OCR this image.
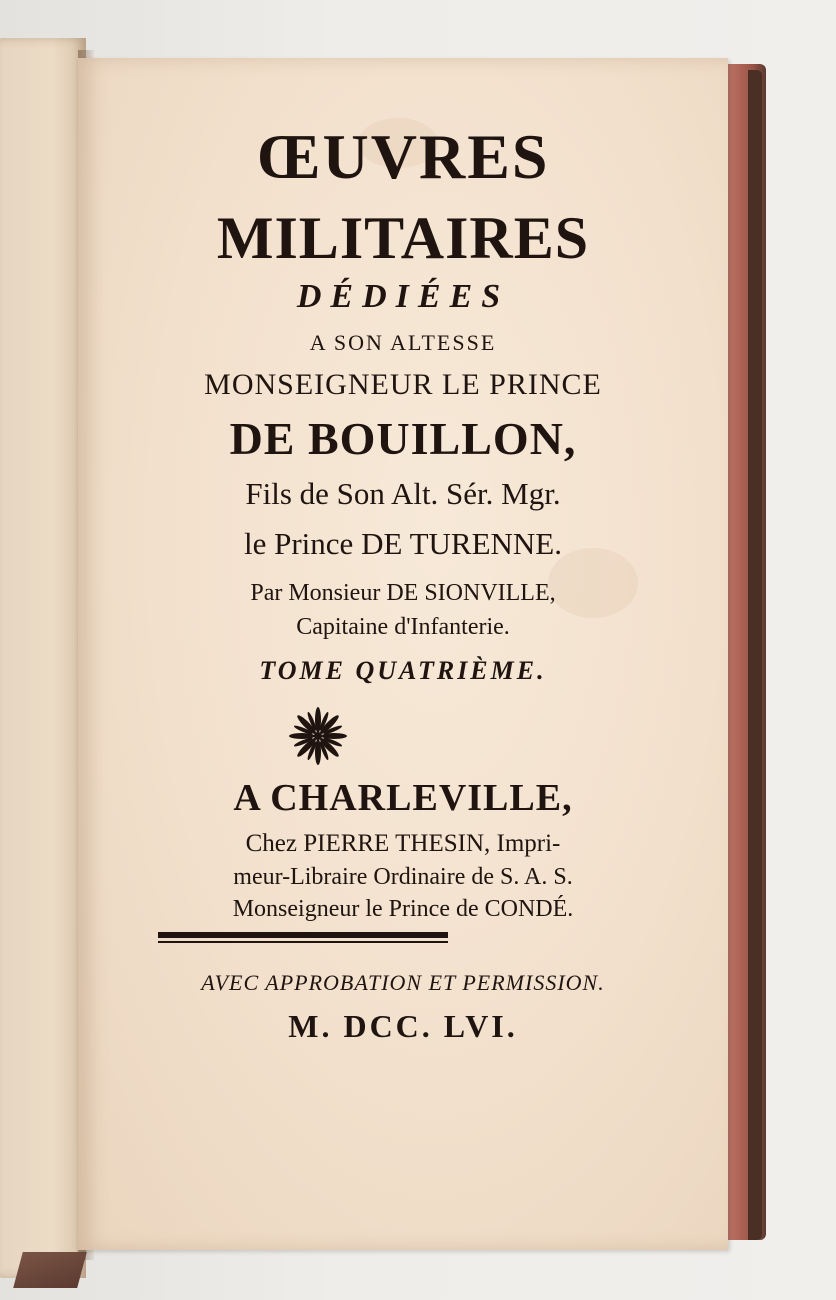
ŒUVRES
MILITAIRES
DÉDIÉES
A SON ALTESSE
MONSEIGNEUR LE PRINCE
DE BOUILLON,
Fils de Son Alt. Sér. Mgr.
le Prince DE TURENNE.
Par Monsieur DE SIONVILLE,
Capitaine d'Infanterie.
TOME QUATRIÈME.
A CHARLEVILLE,
Chez PIERRE THESIN, Impri-
meur-Libraire Ordinaire de S. A. S.
Monseigneur le Prince de CONDÉ.
AVEC APPROBATION ET PERMISSION.
M. DCC. LVI.
